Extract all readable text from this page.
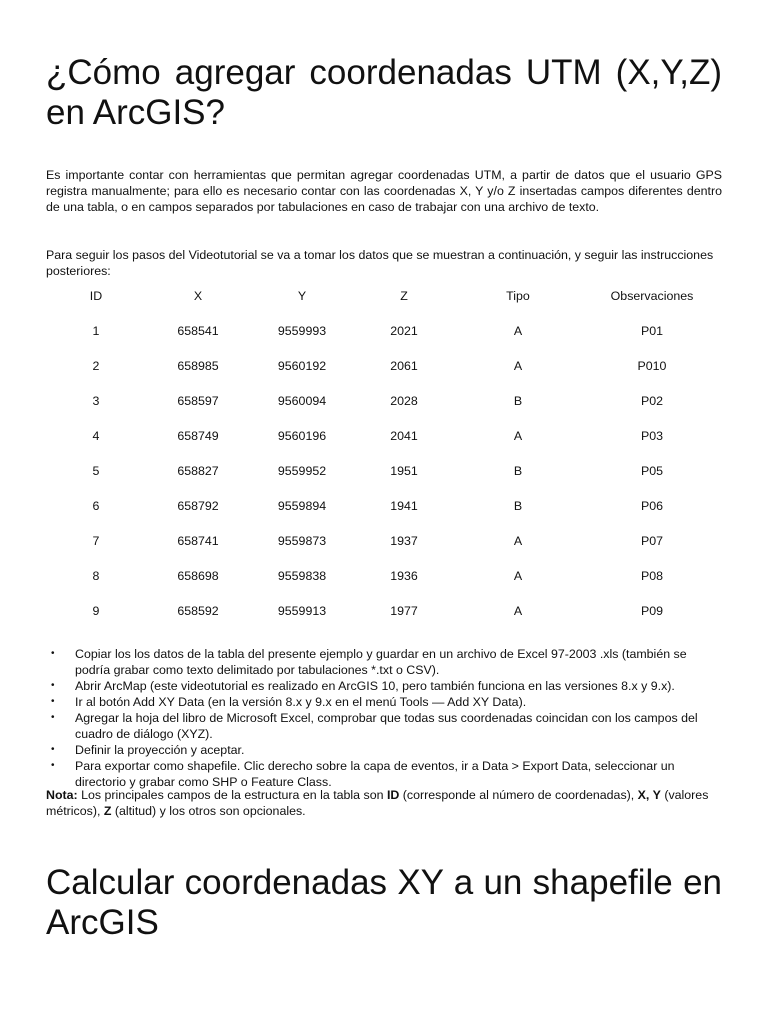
¿Cómo agregar coordenadas UTM (X,Y,Z)
en ArcGIS?

Es importante contar con herramientas que permitan agregar coordenadas UTM, a partir de datos que el usuario GPS registra manualmente; para ello es necesario contar con las coordenadas X, Y y/o Z insertadas campos diferentes dentro de una tabla, o en campos separados por tabulaciones en caso de trabajar con una archivo de texto.

Para seguir los pasos del Videotutorial se va a tomar los datos que se muestran a continuación, y seguir las instrucciones posteriores:

ID	X	Y	Z	Tipo	Observaciones
1	658541	9559993	2021	A	P01
2	658985	9560192	2061	A	P010
3	658597	9560094	2028	B	P02
4	658749	9560196	2041	A	P03
5	658827	9559952	1951	B	P05
6	658792	9559894	1941	B	P06
7	658741	9559873	1937	A	P07
8	658698	9559838	1936	A	P08
9	658592	9559913	1977	A	P09
• Copiar los los datos de la tabla del presente ejemplo y guardar en un archivo de Excel 97-2003 .xls (también se podría grabar como texto delimitado por tabulaciones *.txt o CSV).
• Abrir ArcMap (este videotutorial es realizado en ArcGIS 10, pero también funciona en las versiones 8.x y 9.x).
• Ir al botón Add XY Data (en la versión 8.x y 9.x en el menú Tools — Add XY Data).
• Agregar la hoja del libro de Microsoft Excel, comprobar que todas sus coordenadas coincidan con los campos del cuadro de diálogo (XYZ).
• Definir la proyección y aceptar.
• Para exportar como shapefile. Clic derecho sobre la capa de eventos, ir a Data > Export Data, seleccionar un directorio y grabar como SHP o Feature Class.

Nota: Los principales campos de la estructura en la tabla son ID (corresponde al número de coordenadas), X, Y (valores métricos), Z (altitud) y los otros son opcionales.

Calcular coordenadas XY a un shapefile en ArcGIS
